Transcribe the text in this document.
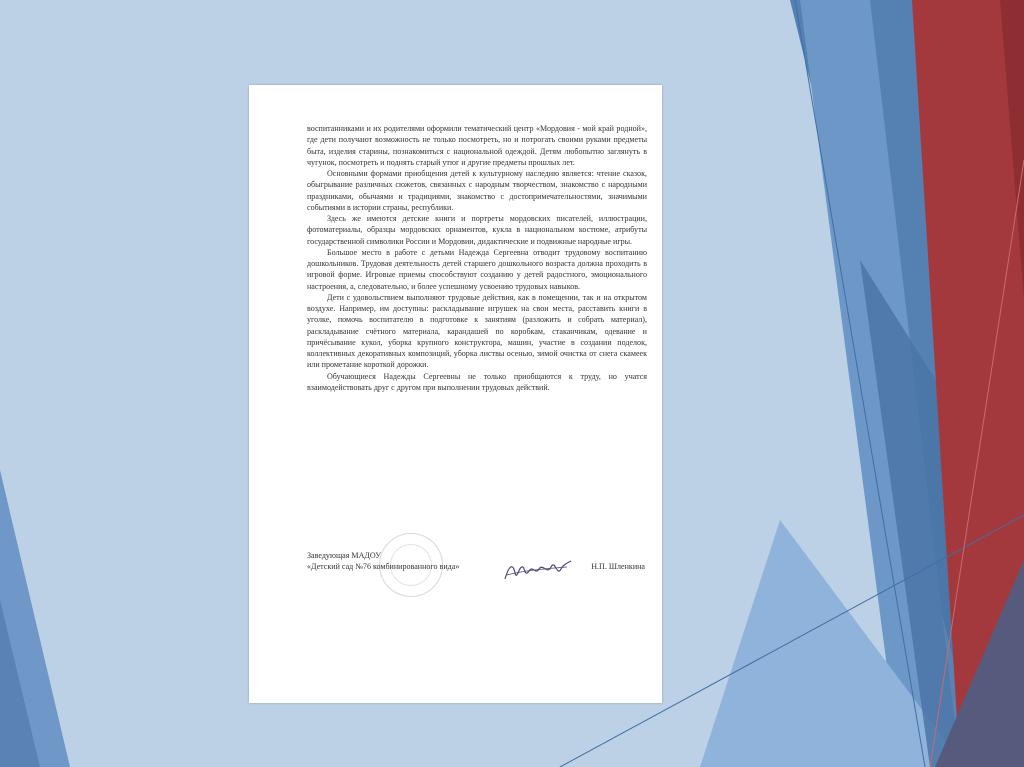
воспитанниками и их родителями оформили тематический центр «Мордовия - мой край родной», где дети получают возможность не только посмотреть, но и потрогать своими руками предметы быта, изделия старины, познакомиться с национальной одеждой. Детям любопытно заглянуть в чугунок, посмотреть и поднять старый утюг и другие предметы прошлых лет.

Основными формами приобщения детей к культурному наследию является: чтение сказок, обыгрывание различных сюжетов, связанных с народным творчеством, знакомство с народными праздниками, обычаями и традициями, знакомство с достопримечательностями, значимыми событиями в истории страны, республики.

Здесь же имеются детские книги и портреты мордовских писателей, иллюстрации, фотоматериалы, образцы мордовских орнаментов, кукла в национальном костюме, атрибуты государственной символики России и Мордовии, дидактические и подвижные народные игры.

Большое место в работе с детьми Надежда Сергеевна отводит трудовому воспитанию дошкольников. Трудовая деятельность детей старшего дошкольного возраста должна проходить в игровой форме. Игровые приемы способствуют созданию у детей радостного, эмоционального настроения, а, следовательно, и более успешному усвоению трудовых навыков.

Дети с удовольствием выполняют трудовые действия, как в помещении, так и на открытом воздухе. Например, им доступны: раскладывание игрушек на свои места, расставить книги в уголке, помочь воспитателю в подготовке к занятиям (разложить и собрать материал), раскладывание счётного материала, карандашей по коробкам, стаканчикам, одевание и причёсывание кукол, уборка крупного конструктора, машин, участие в создании поделок, коллективных декоративных композиций, уборка листвы осенью, зимой очистка от снега скамеек или прометание короткой дорожки.

Обучающиеся Надежды Сергеевны не только приобщаются к труду, но учатся взаимодействовать друг с другом при выполнении трудовых действий.

Заведующая МАДОУ
«Детский сад №76 комбинированного вида»	Н.П. Шленкина
